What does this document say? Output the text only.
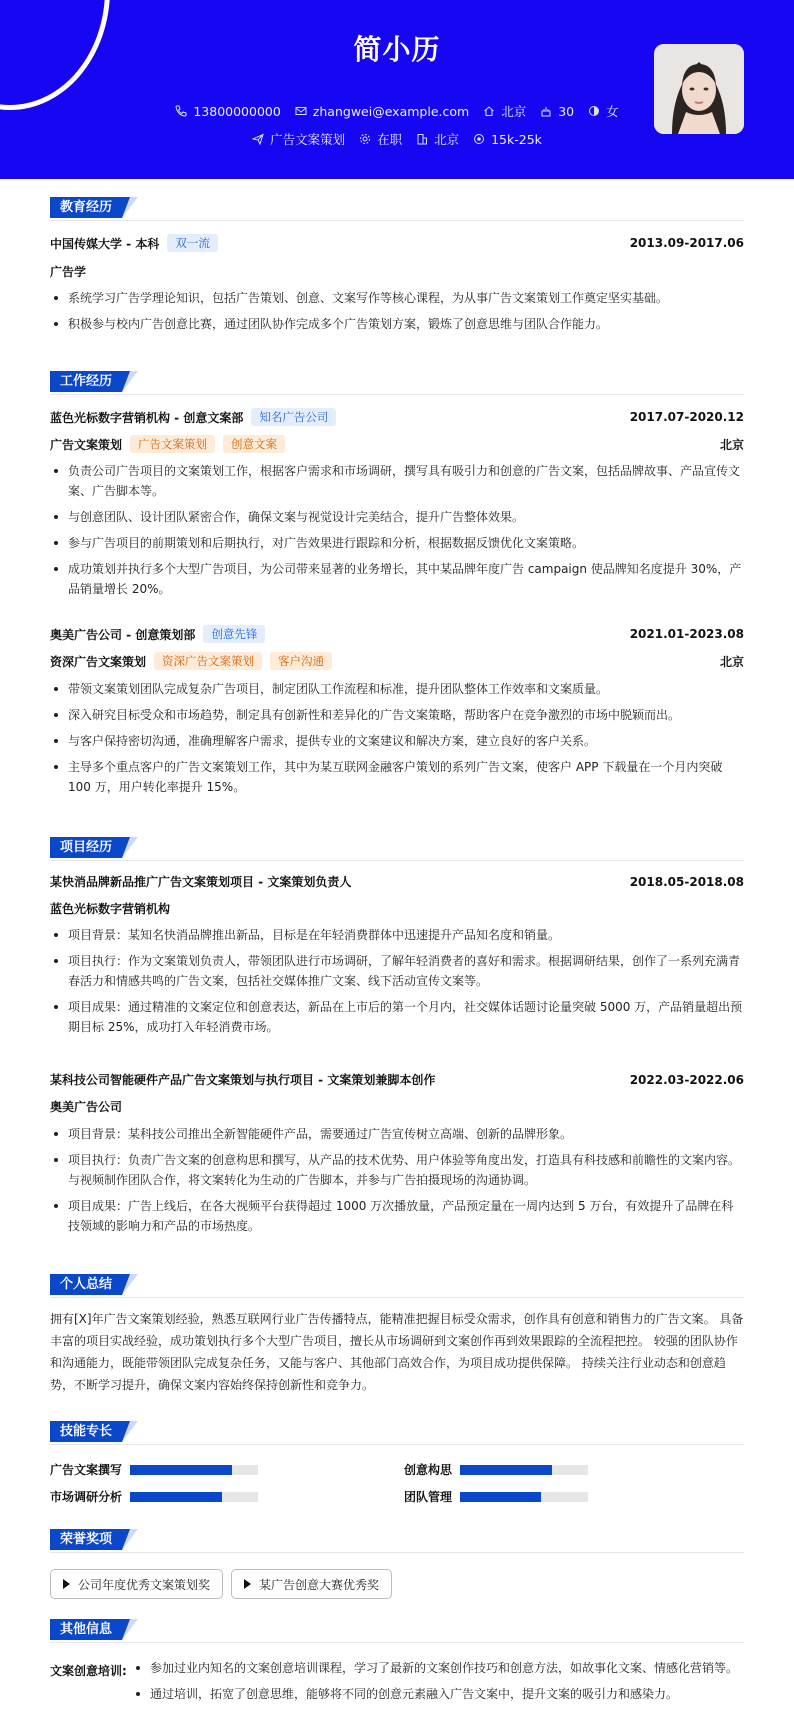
简小历
13800000000	zhangwei@example.com	北京	30	女
广告文案策划	在职	北京	15k-25k
教育经历
中国传媒大学 - 本科	双一流	2013.09-2017.06
广告学
系统学习广告学理论知识，包括广告策划、创意、文案写作等核心课程，为从事广告文案策划工作奠定坚实基础。
积极参与校内广告创意比赛，通过团队协作完成多个广告策划方案，锻炼了创意思维与团队合作能力。
工作经历
蓝色光标数字营销机构 - 创意文案部	知名广告公司	2017.07-2020.12
广告文案策划	广告文案策划	创意文案	北京
负责公司广告项目的文案策划工作，根据客户需求和市场调研，撰写具有吸引力和创意的广告文案，包括品牌故事、产品宣传文案、广告脚本等。
与创意团队、设计团队紧密合作，确保文案与视觉设计完美结合，提升广告整体效果。
参与广告项目的前期策划和后期执行，对广告效果进行跟踪和分析，根据数据反馈优化文案策略。
成功策划并执行多个大型广告项目，为公司带来显著的业务增长，其中某品牌年度广告 campaign 使品牌知名度提升 30%，产品销量增长 20%。
奥美广告公司 - 创意策划部	创意先锋	2021.01-2023.08
资深广告文案策划	资深广告文案策划	客户沟通	北京
带领文案策划团队完成复杂广告项目，制定团队工作流程和标准，提升团队整体工作效率和文案质量。
深入研究目标受众和市场趋势，制定具有创新性和差异化的广告文案策略，帮助客户在竞争激烈的市场中脱颖而出。
与客户保持密切沟通，准确理解客户需求，提供专业的文案建议和解决方案，建立良好的客户关系。
主导多个重点客户的广告文案策划工作，其中为某互联网金融客户策划的系列广告文案，使客户 APP 下载量在一个月内突破 100 万，用户转化率提升 15%。
项目经历
某快消品牌新品推广广告文案策划项目 - 文案策划负责人	2018.05-2018.08
蓝色光标数字营销机构
项目背景：某知名快消品牌推出新品，目标是在年轻消费群体中迅速提升产品知名度和销量。
项目执行：作为文案策划负责人，带领团队进行市场调研，了解年轻消费者的喜好和需求。根据调研结果，创作了一系列充满青春活力和情感共鸣的广告文案，包括社交媒体推广文案、线下活动宣传文案等。
项目成果：通过精准的文案定位和创意表达，新品在上市后的第一个月内，社交媒体话题讨论量突破 5000 万，产品销量超出预期目标 25%，成功打入年轻消费市场。
某科技公司智能硬件产品广告文案策划与执行项目 - 文案策划兼脚本创作	2022.03-2022.06
奥美广告公司
项目背景：某科技公司推出全新智能硬件产品，需要通过广告宣传树立高端、创新的品牌形象。
项目执行：负责广告文案的创意构思和撰写，从产品的技术优势、用户体验等角度出发，打造具有科技感和前瞻性的文案内容。与视频制作团队合作，将文案转化为生动的广告脚本，并参与广告拍摄现场的沟通协调。
项目成果：广告上线后，在各大视频平台获得超过 1000 万次播放量，产品预定量在一周内达到 5 万台，有效提升了品牌在科技领域的影响力和产品的市场热度。
个人总结
拥有[X]年广告文案策划经验，熟悉互联网行业广告传播特点，能精准把握目标受众需求，创作具有创意和销售力的广告文案。 具备丰富的项目实战经验，成功策划执行多个大型广告项目，擅长从市场调研到文案创作再到效果跟踪的全流程把控。 较强的团队协作和沟通能力，既能带领团队完成复杂任务，又能与客户、其他部门高效合作，为项目成功提供保障。 持续关注行业动态和创意趋势，不断学习提升，确保文案内容始终保持创新性和竞争力。
技能专长
广告文案撰写	创意构思
市场调研分析	团队管理
荣誉奖项
公司年度优秀文案策划奖	某广告创意大赛优秀奖
其他信息
文案创意培训:	参加过业内知名的文案创意培训课程，学习了最新的文案创作技巧和创意方法，如故事化文案、情感化营销等。
通过培训，拓宽了创意思维，能够将不同的创意元素融入广告文案中，提升文案的吸引力和感染力。
